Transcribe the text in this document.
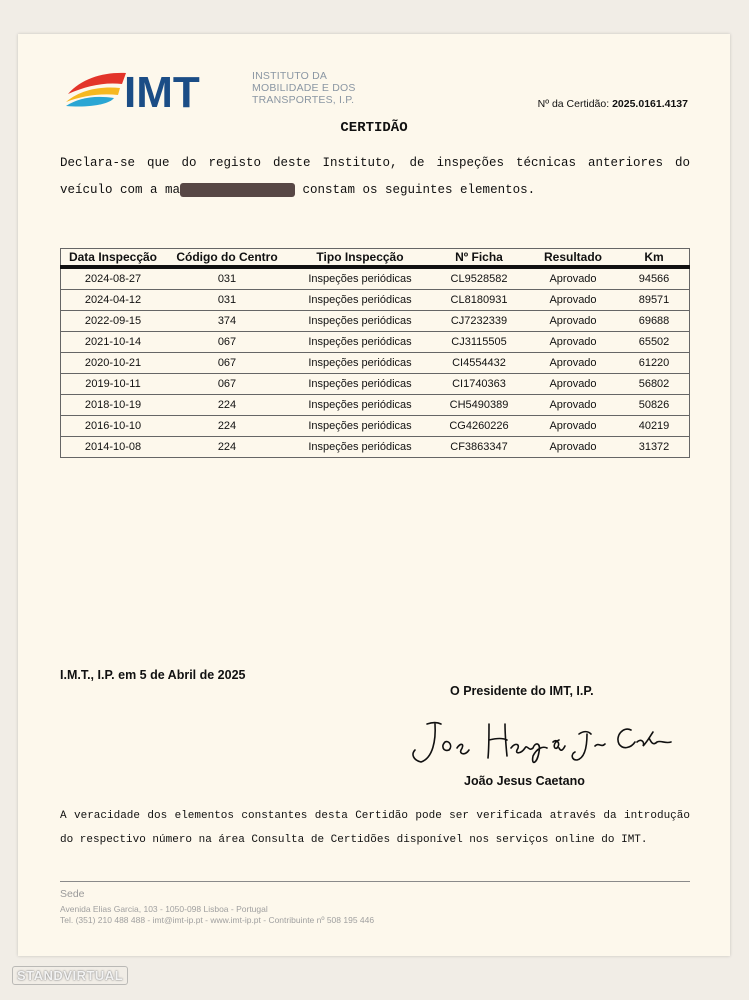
IMT	INSTITUTO DA
MOBILIDADE E DOS
TRANSPORTES, I.P.	Nº da Certidão: 2025.0161.4137
CERTIDÃO
Declara-se que do registo deste Instituto, de inspeções técnicas anteriores do veículo com a ma	constam os seguintes elementos.
Data Inspecção	Código do Centro	Tipo Inspecção	Nº Ficha	Resultado	Km
2024-08-27	031	Inspeções periódicas	CL9528582	Aprovado	94566
2024-04-12	031	Inspeções periódicas	CL8180931	Aprovado	89571
2022-09-15	374	Inspeções periódicas	CJ7232339	Aprovado	69688
2021-10-14	067	Inspeções periódicas	CJ3115505	Aprovado	65502
2020-10-21	067	Inspeções periódicas	CI4554432	Aprovado	61220
2019-10-11	067	Inspeções periódicas	CI1740363	Aprovado	56802
2018-10-19	224	Inspeções periódicas	CH5490389	Aprovado	50826
2016-10-10	224	Inspeções periódicas	CG4260226	Aprovado	40219
2014-10-08	224	Inspeções periódicas	CF3863347	Aprovado	31372
I.M.T., I.P. em 5 de Abril de 2025
O Presidente do IMT, I.P.
João Jesus Caetano
A veracidade dos elementos constantes desta Certidão pode ser verificada através da introdução do respectivo número na área Consulta de Certidões disponível nos serviços online do IMT.
Sede
Avenida Elias Garcia, 103 - 1050-098 Lisboa - Portugal
Tel. (351) 210 488 488 - imt@imt-ip.pt - www.imt-ip.pt - Contribuinte nº 508 195 446
STANDVIRTUAL
